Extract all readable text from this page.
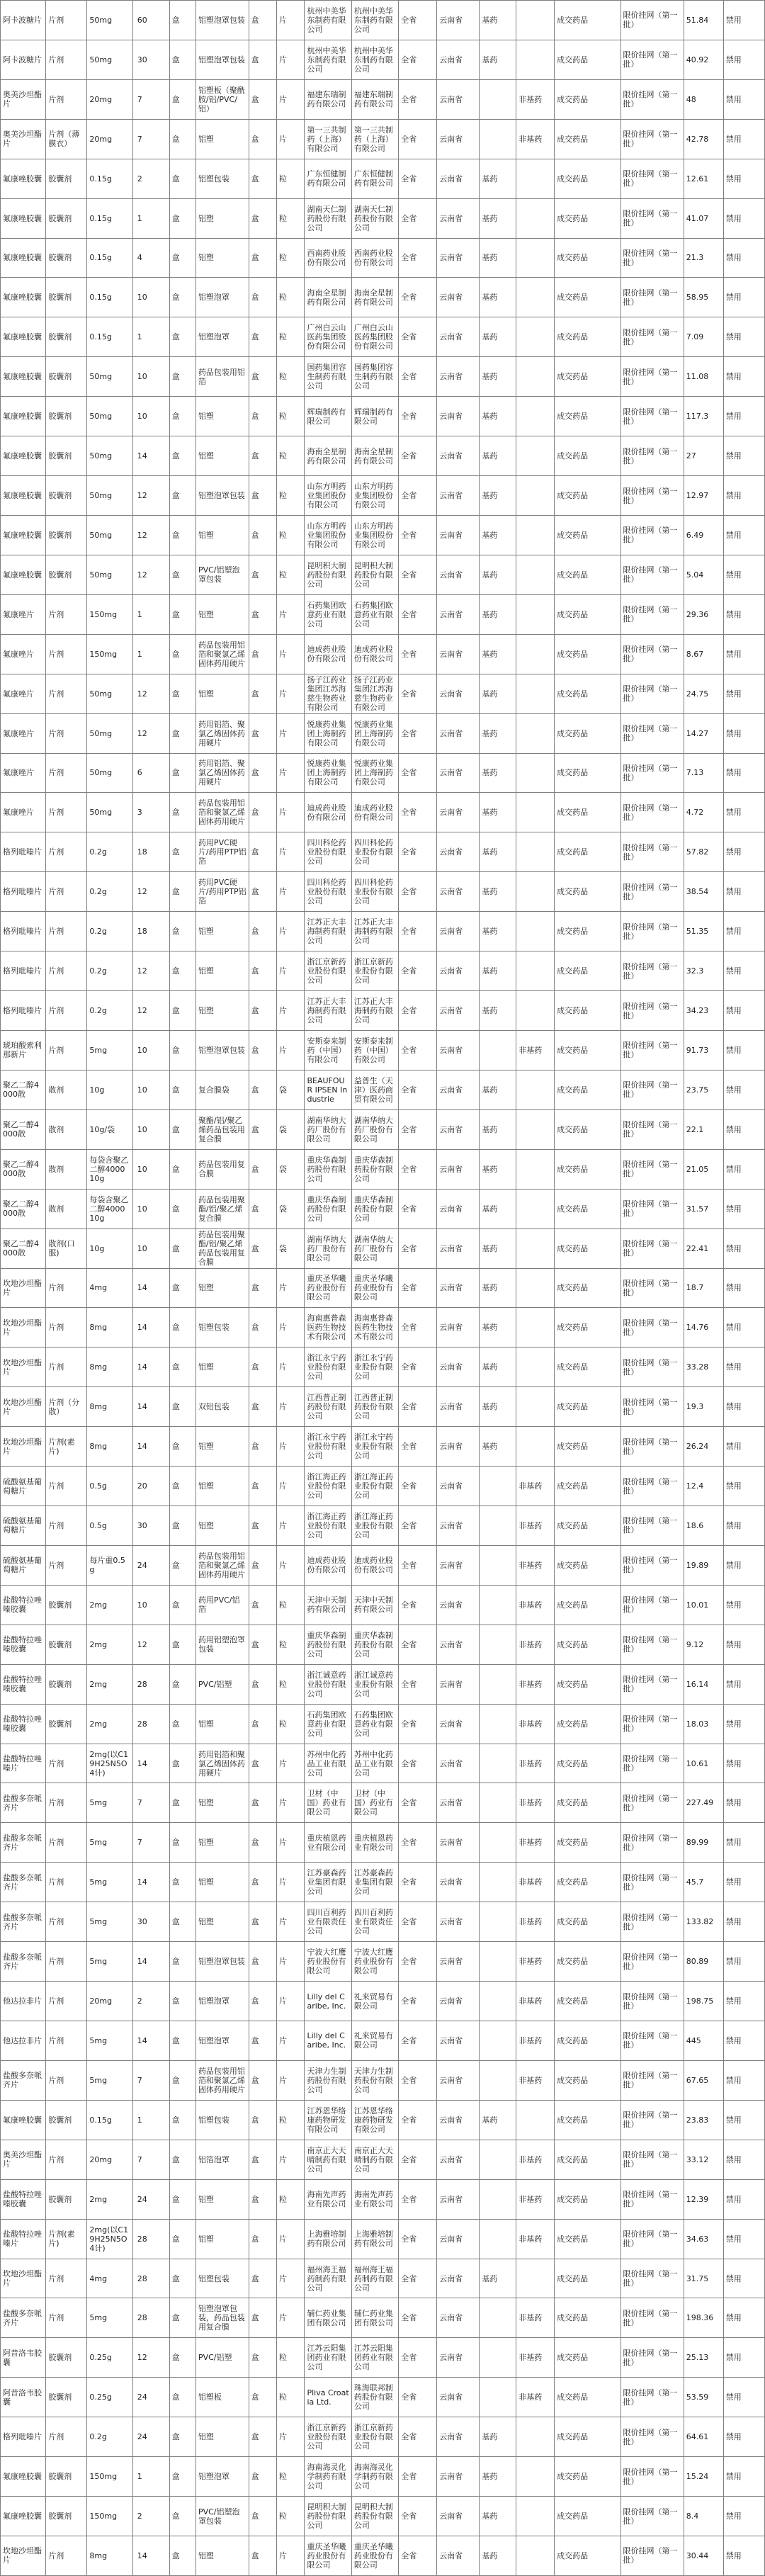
阿卡波糖片	片剂	50mg	60	盒	铝塑泡罩包装	盒	片	杭州中美华东制药有限公司	杭州中美华东制药有限公司	全省	云南省	基药		成交药品	限价挂网（第一批）	51.84	禁用
阿卡波糖片	片剂	50mg	30	盒	铝塑泡罩包装	盒	片	杭州中美华东制药有限公司	杭州中美华东制药有限公司	全省	云南省	基药		成交药品	限价挂网（第一批）	40.92	禁用
奥美沙坦酯片	片剂	20mg	7	盒	铝塑板（聚酰胺/铝/PVC/铝）	盒	片	福建东瑞制药有限公司	福建东瑞制药有限公司	全省	云南省		非基药	成交药品	限价挂网（第一批）	48	禁用
奥美沙坦酯片	片剂（薄膜衣）	20mg	7	盒	铝塑	盒	片	第一三共制药（上海）有限公司	第一三共制药（上海）有限公司	全省	云南省		非基药	成交药品	限价挂网（第一批）	42.78	禁用
氟康唑胶囊	胶囊剂	0.15g	2	盒	铝塑包装	盒	粒	广东恒健制药有限公司	广东恒健制药有限公司	全省	云南省	基药		成交药品	限价挂网（第一批）	12.61	禁用
氟康唑胶囊	胶囊剂	0.15g	1	盒	铝塑	盒	粒	湖南天仁制药股份有限公司	湖南天仁制药股份有限公司	全省	云南省	基药		成交药品	限价挂网（第一批）	41.07	禁用
氟康唑胶囊	胶囊剂	0.15g	4	盒	铝塑	盒	粒	西南药业股份有限公司	西南药业股份有限公司	全省	云南省	基药		成交药品	限价挂网（第一批）	21.3	禁用
氟康唑胶囊	胶囊剂	0.15g	10	盒	铝塑泡罩	盒	粒	海南全星制药有限公司	海南全星制药有限公司	全省	云南省	基药		成交药品	限价挂网（第一批）	58.95	禁用
氟康唑胶囊	胶囊剂	0.15g	1	盒	铝塑泡罩	盒	粒	广州白云山医药集团股份有限公司	广州白云山医药集团股份有限公司	全省	云南省	基药		成交药品	限价挂网（第一批）	7.09	禁用
氟康唑胶囊	胶囊剂	50mg	10	盒	药品包装用铝箔	盒	粒	国药集团容生制药有限公司	国药集团容生制药有限公司	全省	云南省	基药		成交药品	限价挂网（第一批）	11.08	禁用
氟康唑胶囊	胶囊剂	50mg	10	盒	铝塑	盒	粒	辉瑞制药有限公司	辉瑞制药有限公司	全省	云南省	基药		成交药品	限价挂网（第一批）	117.3	禁用
氟康唑胶囊	胶囊剂	50mg	14	盒	铝塑	盒	粒	海南全星制药有限公司	海南全星制药有限公司	全省	云南省	基药		成交药品	限价挂网（第一批）	27	禁用
氟康唑胶囊	胶囊剂	50mg	12	盒	铝塑泡罩包装	盒	粒	山东方明药业集团股份有限公司	山东方明药业集团股份有限公司	全省	云南省	基药		成交药品	限价挂网（第一批）	12.97	禁用
氟康唑胶囊	胶囊剂	50mg	12	盒	铝塑	盒	粒	山东方明药业集团股份有限公司	山东方明药业集团股份有限公司	全省	云南省	基药		成交药品	限价挂网（第一批）	6.49	禁用
氟康唑胶囊	胶囊剂	50mg	12	盒	PVC/铝塑泡罩包装	盒	粒	昆明积大制药股份有限公司	昆明积大制药股份有限公司	全省	云南省	基药		成交药品	限价挂网（第一批）	5.04	禁用
氟康唑片	片剂	150mg	1	盒	铝塑	盒	片	石药集团欧意药业有限公司	石药集团欧意药业有限公司	全省	云南省	基药		成交药品	限价挂网（第一批）	29.36	禁用
氟康唑片	片剂	150mg	1	盒	药品包装用铝箔和聚氯乙烯固体药用硬片	盒	片	迪成药业股份有限公司	迪成药业股份有限公司	全省	云南省	基药		成交药品	限价挂网（第一批）	8.67	禁用
氟康唑片	片剂	50mg	12	盒	铝塑	盒	片	扬子江药业集团江苏海慈生物药业有限公司	扬子江药业集团江苏海慈生物药业有限公司	全省	云南省	基药		成交药品	限价挂网（第一批）	24.75	禁用
氟康唑片	片剂	50mg	12	盒	药用铝箔、聚氯乙烯固体药用硬片	盒	片	悦康药业集团上海制药有限公司	悦康药业集团上海制药有限公司	全省	云南省	基药		成交药品	限价挂网（第一批）	14.27	禁用
氟康唑片	片剂	50mg	6	盒	药用铝箔、聚氯乙烯固体药用硬片	盒	片	悦康药业集团上海制药有限公司	悦康药业集团上海制药有限公司	全省	云南省	基药		成交药品	限价挂网（第一批）	7.13	禁用
氟康唑片	片剂	50mg	3	盒	药品包装用铝箔和聚氯乙烯固体药用硬片	盒	片	迪成药业股份有限公司	迪成药业股份有限公司	全省	云南省	基药		成交药品	限价挂网（第一批）	4.72	禁用
格列吡嗪片	片剂	0.2g	18	盒	药用PVC硬片/药用PTP铝箔	盒	片	四川科伦药业股份有限公司	四川科伦药业股份有限公司	全省	云南省	基药		成交药品	限价挂网（第一批）	57.82	禁用
格列吡嗪片	片剂	0.2g	12	盒	药用PVC硬片/药用PTP铝箔	盒	片	四川科伦药业股份有限公司	四川科伦药业股份有限公司	全省	云南省	基药		成交药品	限价挂网（第一批）	38.54	禁用
格列吡嗪片	片剂	0.2g	18	盒	铝塑	盒	片	江苏正大丰海制药有限公司	江苏正大丰海制药有限公司	全省	云南省	基药		成交药品	限价挂网（第一批）	51.35	禁用
格列吡嗪片	片剂	0.2g	12	盒	铝塑	盒	片	浙江京新药业股份有限公司	浙江京新药业股份有限公司	全省	云南省	基药		成交药品	限价挂网（第一批）	32.3	禁用
格列吡嗪片	片剂	0.2g	12	盒	铝塑	盒	片	江苏正大丰海制药有限公司	江苏正大丰海制药有限公司	全省	云南省	基药		成交药品	限价挂网（第一批）	34.23	禁用
琥珀酸索利那新片	片剂	5mg	10	盒	铝塑泡罩包装	盒	片	安斯泰来制药（中国）有限公司	安斯泰来制药（中国）有限公司	全省	云南省		非基药	成交药品	限价挂网（第一批）	91.73	禁用
聚乙二醇4000散	散剂	10g	10	盒	复合膜袋	盒	袋	BEAUFOUR IPSEN Industrie	益普生（天津）医药商贸有限公司	全省	云南省	基药		成交药品	限价挂网（第一批）	23.75	禁用
聚乙二醇4000散	散剂	10g/袋	10	盒	聚酯/铝/聚乙烯药品包装用复合膜	盒	袋	湖南华纳大药厂股份有限公司	湖南华纳大药厂股份有限公司	全省	云南省	基药		成交药品	限价挂网（第一批）	22.1	禁用
聚乙二醇4000散	散剂	每袋含聚乙二醇4000 10g	10	盒	药品包装用复合膜	盒	袋	重庆华森制药股份有限公司	重庆华森制药股份有限公司	全省	云南省	基药		成交药品	限价挂网（第一批）	21.05	禁用
聚乙二醇4000散	散剂	每袋含聚乙二醇4000 10g	10	盒	药品包装用聚酯/铝/聚乙烯复合膜	盒	袋	重庆华森制药股份有限公司	重庆华森制药股份有限公司	全省	云南省	基药		成交药品	限价挂网（第一批）	31.57	禁用
聚乙二醇4000散	散剂(口服)	10g	10	盒	药品包装用聚酯/铝/聚乙烯药品包装用复合膜	盒	袋	湖南华纳大药厂股份有限公司	湖南华纳大药厂股份有限公司	全省	云南省	基药		成交药品	限价挂网（第一批）	22.41	禁用
坎地沙坦酯片	片剂	4mg	14	盒	铝塑	盒	片	重庆圣华曦药业股份有限公司	重庆圣华曦药业股份有限公司	全省	云南省	基药		成交药品	限价挂网（第一批）	18.7	禁用
坎地沙坦酯片	片剂	8mg	14	盒	铝塑包装	盒	片	海南惠普森医药生物技术有限公司	海南惠普森医药生物技术有限公司	全省	云南省	基药		成交药品	限价挂网（第一批）	14.76	禁用
坎地沙坦酯片	片剂	8mg	14	盒	铝塑	盒	片	浙江永宁药业股份有限公司	浙江永宁药业股份有限公司	全省	云南省	基药		成交药品	限价挂网（第一批）	33.28	禁用
坎地沙坦酯片	片剂（分散）	8mg	14	盒	双铝包装	盒	片	江西普正制药股份有限公司	江西普正制药股份有限公司	全省	云南省	基药		成交药品	限价挂网（第一批）	19.3	禁用
坎地沙坦酯片	片剂(素片)	8mg	14	盒	铝塑	盒	片	浙江永宁药业股份有限公司	浙江永宁药业股份有限公司	全省	云南省	基药		成交药品	限价挂网（第一批）	26.24	禁用
硫酸氨基葡萄糖片	片剂	0.5g	20	盒	铝塑	盒	片	浙江海正药业股份有限公司	浙江海正药业股份有限公司	全省	云南省		非基药	成交药品	限价挂网（第一批）	12.4	禁用
硫酸氨基葡萄糖片	片剂	0.5g	30	盒	铝塑	盒	片	浙江海正药业股份有限公司	浙江海正药业股份有限公司	全省	云南省		非基药	成交药品	限价挂网（第一批）	18.6	禁用
硫酸氨基葡萄糖片	片剂	每片重0.5g	24	盒	药品包装用铝箔和聚氯乙烯固体药用硬片	盒	片	迪成药业股份有限公司	迪成药业股份有限公司	全省	云南省		非基药	成交药品	限价挂网（第一批）	19.89	禁用
盐酸特拉唑嗪胶囊	胶囊剂	2mg	10	盒	药用PVC/铝箔	盒	粒	天津中天制药有限公司	天津中天制药有限公司	全省	云南省		非基药	成交药品	限价挂网（第一批）	10.01	禁用
盐酸特拉唑嗪胶囊	胶囊剂	2mg	12	盒	药用铝塑泡罩包装	盒	粒	重庆华森制药股份有限公司	重庆华森制药股份有限公司	全省	云南省		非基药	成交药品	限价挂网（第一批）	9.12	禁用
盐酸特拉唑嗪胶囊	胶囊剂	2mg	28	盒	PVC/铝塑	盒	粒	浙江诚意药业股份有限公司	浙江诚意药业股份有限公司	全省	云南省		非基药	成交药品	限价挂网（第一批）	16.14	禁用
盐酸特拉唑嗪胶囊	胶囊剂	2mg	28	盒	铝塑	盒	粒	石药集团欧意药业有限公司	石药集团欧意药业有限公司	全省	云南省		非基药	成交药品	限价挂网（第一批）	18.03	禁用
盐酸特拉唑嗪片	片剂	2mg(以C19H25N5O4计)	14	盒	药用铝箔和聚氯乙烯固体药用硬片	盒	片	苏州中化药品工业有限公司	苏州中化药品工业有限公司	全省	云南省		非基药	成交药品	限价挂网（第一批）	10.61	禁用
盐酸多奈哌齐片	片剂	5mg	7	盒	铝塑	盒	片	卫材（中国）药业有限公司	卫材（中国）药业有限公司	全省	云南省		非基药	成交药品	限价挂网（第一批）	227.49	禁用
盐酸多奈哌齐片	片剂	5mg	7	盒	铝塑	盒	片	重庆植恩药业有限公司	重庆植恩药业有限公司	全省	云南省		非基药	成交药品	限价挂网（第一批）	89.99	禁用
盐酸多奈哌齐片	片剂	5mg	14	盒	铝塑	盒	片	江苏豪森药业集团有限公司	江苏豪森药业集团有限公司	全省	云南省		非基药	成交药品	限价挂网（第一批）	45.7	禁用
盐酸多奈哌齐片	片剂	5mg	30	盒	铝塑	盒	片	四川百利药业有限责任公司	四川百利药业有限责任公司	全省	云南省		非基药	成交药品	限价挂网（第一批）	133.82	禁用
盐酸多奈哌齐片	片剂	5mg	14	盒	铝塑泡罩包装	盒	片	宁波大红鹰药业股份有限公司	宁波大红鹰药业股份有限公司	全省	云南省		非基药	成交药品	限价挂网（第一批）	80.89	禁用
他达拉非片	片剂	20mg	2	盒	铝塑泡罩	盒	片	Lilly del Caribe, Inc.	礼来贸易有限公司	全省	云南省		非基药	成交药品	限价挂网（第一批）	198.75	禁用
他达拉非片	片剂	5mg	14	盒	铝塑泡罩	盒	片	Lilly del Caribe, Inc.	礼来贸易有限公司	全省	云南省		非基药	成交药品	限价挂网（第一批）	445	禁用
盐酸多奈哌齐片	片剂	5mg	7	盒	药品包装用铝箔和聚氯乙烯固体药用硬片	盒	片	天津力生制药股份有限公司	天津力生制药股份有限公司	全省	云南省		非基药	成交药品	限价挂网（第一批）	67.65	禁用
氟康唑胶囊	胶囊剂	0.15g	1	盒	铝塑包装	盒	粒	江苏恩华络康药物研发有限公司	江苏恩华络康药物研发有限公司	全省	云南省	基药		成交药品	限价挂网（第一批）	23.83	禁用
奥美沙坦酯片	片剂	20mg	7	盒	铝箔泡罩	盒	片	南京正大天晴制药有限公司	南京正大天晴制药有限公司	全省	云南省		非基药	成交药品	限价挂网（第一批）	33.12	禁用
盐酸特拉唑嗪胶囊	胶囊剂	2mg	24	盒	铝塑	盒	粒	海南先声药业有限公司	海南先声药业有限公司	全省	云南省		非基药	成交药品	限价挂网（第一批）	12.39	禁用
盐酸特拉唑嗪片	片剂(素片)	2mg(以C19H25N5O4计)	28	盒	铝塑	盒	片	上海雅培制药有限公司	上海雅培制药有限公司	全省	云南省		非基药	成交药品	限价挂网（第一批）	34.63	禁用
坎地沙坦酯片	片剂	4mg	28	盒	铝塑包装	盒	片	福州海王福药制药有限公司	福州海王福药制药有限公司	全省	云南省	基药		成交药品	限价挂网（第一批）	31.75	禁用
盐酸多奈哌齐片	片剂	5mg	28	盒	铝塑泡罩包装，药品包装用复合膜	盒	片	辅仁药业集团有限公司	辅仁药业集团有限公司	全省	云南省		非基药	成交药品	限价挂网（第一批）	198.36	禁用
阿昔洛韦胶囊	胶囊剂	0.25g	12	盒	PVC/铝塑	盒	粒	江苏云阳集团药业有限公司	江苏云阳集团药业有限公司	全省	云南省		非基药	成交药品	限价挂网（第一批）	25.13	禁用
阿昔洛韦胶囊	胶囊剂	0.25g	24	盒	铝塑板	盒	粒	Pliva Croatia Ltd.	珠海联邦制药股份有限公司	全省	云南省		非基药	成交药品	限价挂网（第一批）	53.59	禁用
格列吡嗪片	片剂	0.2g	24	盒	铝塑	盒	片	浙江京新药业股份有限公司	浙江京新药业股份有限公司	全省	云南省	基药		成交药品	限价挂网（第一批）	64.61	禁用
氟康唑胶囊	胶囊剂	150mg	1	盒	铝塑泡罩	盒	粒	海南海灵化学制药有限公司	海南海灵化学制药有限公司	全省	云南省	基药		成交药品	限价挂网（第一批）	15.24	禁用
氟康唑胶囊	胶囊剂	150mg	2	盒	PVC/铝塑泡罩包装	盒	粒	昆明积大制药股份有限公司	昆明积大制药股份有限公司	全省	云南省	基药		成交药品	限价挂网（第一批）	8.4	禁用
坎地沙坦酯片	片剂	8mg	14	盒	铝塑	盒	片	重庆圣华曦药业股份有限公司	重庆圣华曦药业股份有限公司	全省	云南省	基药		成交药品	限价挂网（第一批）	30.44	禁用
